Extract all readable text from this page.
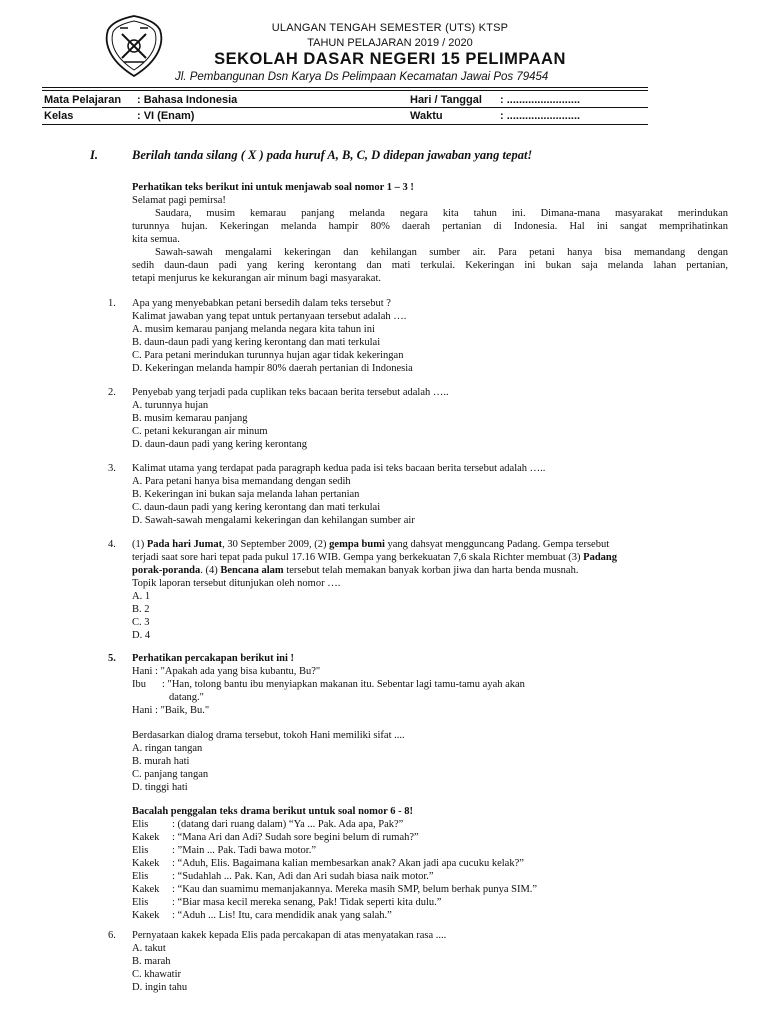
ULANGAN TENGAH SEMESTER (UTS) KTSP
TAHUN PELAJARAN 2019 / 2020
SEKOLAH DASAR NEGERI 15 PELIMPAAN
Jl. Pembangunan Dsn Karya Ds Pelimpaan Kecamatan Jawai Pos 79454
Mata Pelajaran : Bahasa Indonesia	Hari / Tanggal : ........................
Kelas	: VI (Enam)	Waktu	: ........................
I.	Berilah tanda silang ( X ) pada huruf A, B, C, D didepan jawaban yang tepat!
Perhatikan teks berikut ini untuk menjawab soal nomor 1 – 3 !
Selamat pagi pemirsa!
Saudara, musim kemarau panjang melanda negara kita tahun ini. Dimana-mana masyarakat merindukan
turunnya hujan. Kekeringan melanda hampir 80% daerah pertanian di Indonesia. Hal ini sangat memprihatinkan
kita semua.
Sawah-sawah mengalami kekeringan dan kehilangan sumber air. Para petani hanya bisa memandang dengan
sedih daun-daun padi yang kering kerontang dan mati terkulai. Kekeringan ini bukan saja melanda lahan pertanian,
tetapi menjurus ke kekurangan air minum bagi masyarakat.
1. Apa yang menyebabkan petani bersedih dalam teks tersebut ?
Kalimat jawaban yang tepat untuk pertanyaan tersebut adalah ….
A. musim kemarau panjang melanda negara kita tahun ini
B. daun-daun padi yang kering kerontang dan mati terkulai
C. Para petani merindukan turunnya hujan agar tidak kekeringan
D. Kekeringan melanda hampir 80% daerah pertanian di Indonesia
2. Penyebab yang terjadi pada cuplikan teks bacaan berita tersebut adalah …..
A. turunnya hujan
B. musim kemarau panjang
C. petani kekurangan air minum
D. daun-daun padi yang kering kerontang
3. Kalimat utama yang terdapat pada paragraph kedua pada isi teks bacaan berita tersebut adalah …..
A. Para petani hanya bisa memandang dengan sedih
B. Kekeringan ini bukan saja melanda lahan pertanian
C. daun-daun padi yang kering kerontang dan mati terkulai
D. Sawah-sawah mengalami kekeringan dan kehilangan sumber air
4. (1) Pada hari Jumat, 30 September 2009, (2) gempa bumi yang dahsyat mengguncang Padang. Gempa tersebut
terjadi saat sore hari tepat pada pukul 17.16 WIB. Gempa yang berkekuatan 7,6 skala Richter membuat (3) Padang
porak-poranda. (4) Bencana alam tersebut telah memakan banyak korban jiwa dan harta benda musnah.
Topik laporan tersebut ditunjukan oleh nomor ….
A. 1
B. 2
C. 3
D. 4
5. Perhatikan percakapan berikut ini !
Hani : "Apakah ada yang bisa kubantu, Bu?"
Ibu : "Han, tolong bantu ibu menyiapkan makanan itu. Sebentar lagi tamu-tamu ayah akan
datang."
Hani : "Baik, Bu."
Berdasarkan dialog drama tersebut, tokoh Hani memiliki sifat ....
A. ringan tangan
B. murah hati
C. panjang tangan
D. tinggi hati
Bacalah penggalan teks drama berikut untuk soal nomor 6 - 8!
Elis : (datang dari ruang dalam) “Ya ... Pak. Ada apa, Pak?”
Kakek : “Mana Ari dan Adi? Sudah sore begini belum di rumah?”
Elis : ”Main ... Pak. Tadi bawa motor.”
Kakek : “Aduh, Elis. Bagaimana kalian membesarkan anak? Akan jadi apa cucuku kelak?”
Elis : “Sudahlah ... Pak. Kan, Adi dan Ari sudah biasa naik motor.”
Kakek : “Kau dan suamimu memanjakannya. Mereka masih SMP, belum berhak punya SIM.”
Elis : “Biar masa kecil mereka senang, Pak! Tidak seperti kita dulu.”
Kakek : “Aduh ... Lis! Itu, cara mendidik anak yang salah.”
6. Pernyataan kakek kepada Elis pada percakapan di atas menyatakan rasa ....
A. takut
B. marah
C. khawatir
D. ingin tahu
